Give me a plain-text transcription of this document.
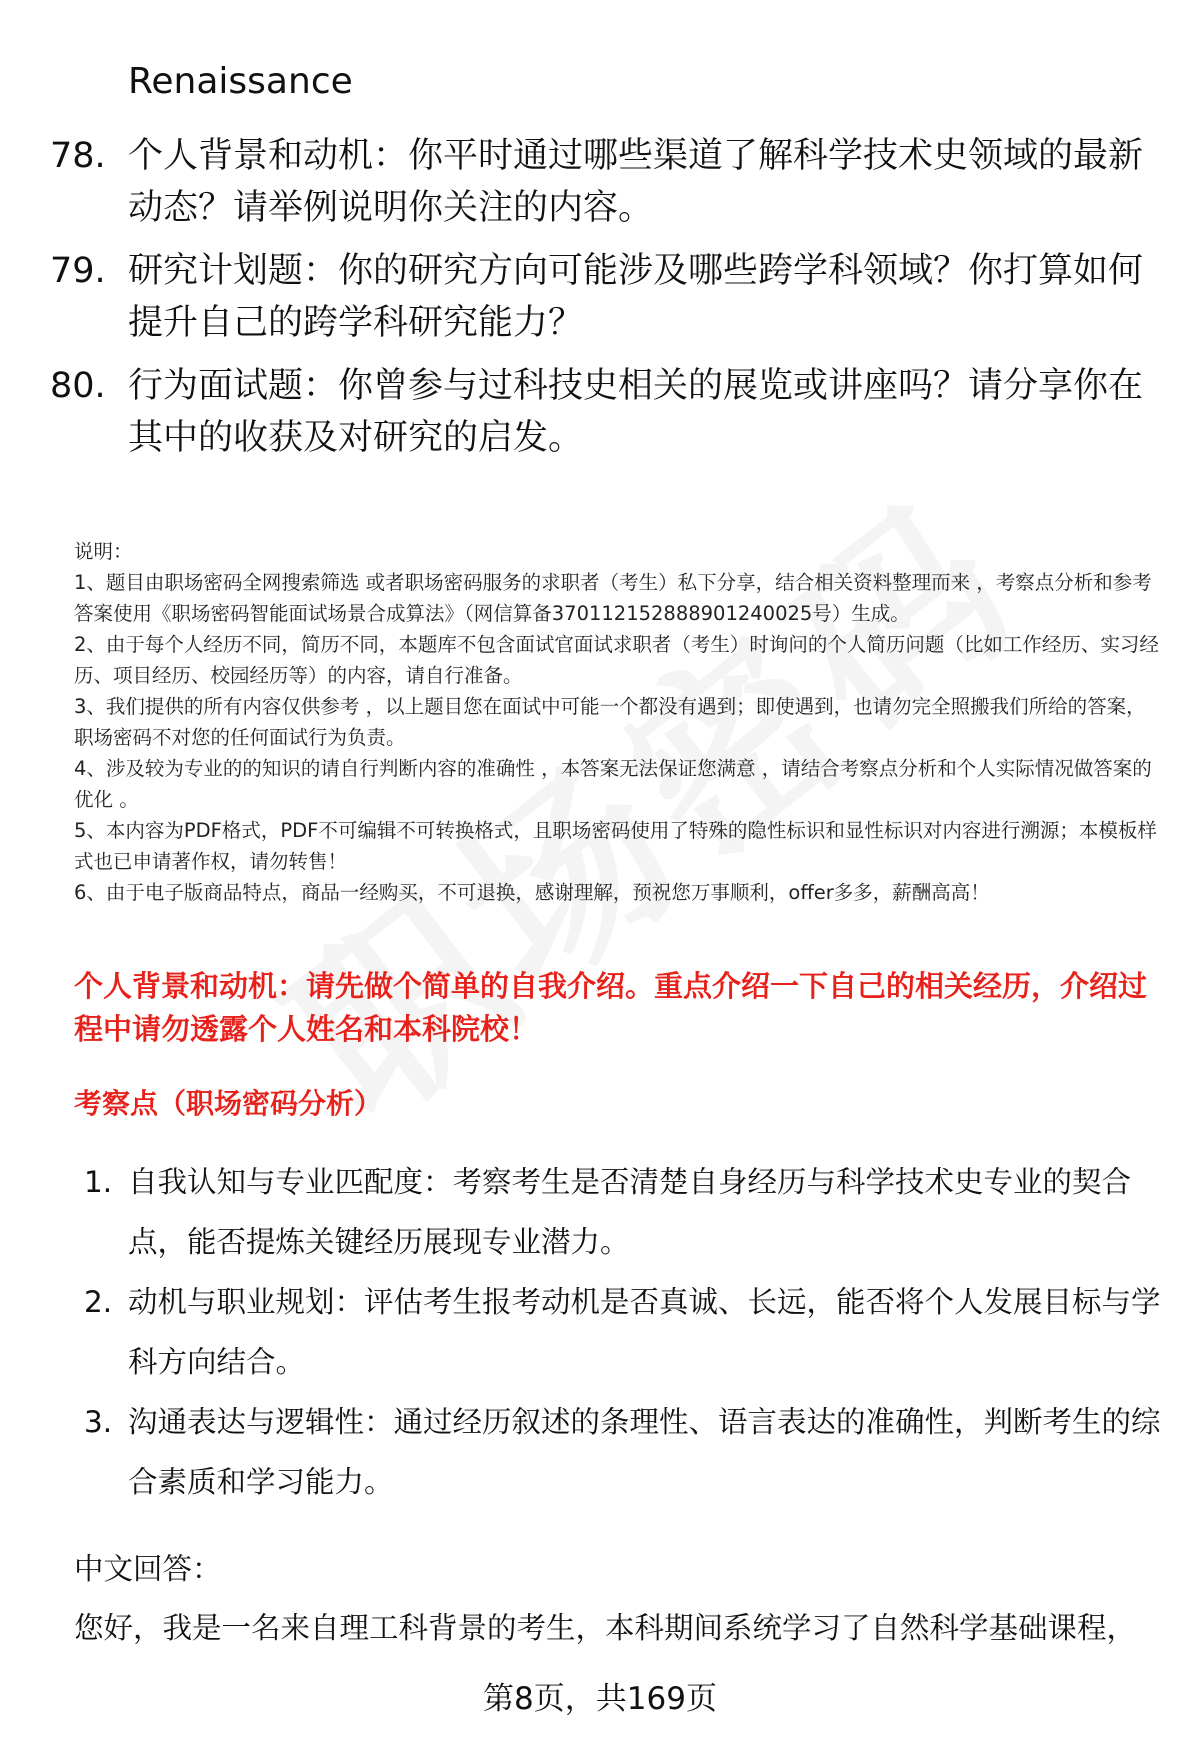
Renaissance
78. 个人背景和动机：你平时通过哪些渠道了解科学技术史领域的最新动态？请举例说明你关注的内容。
79. 研究计划题：你的研究方向可能涉及哪些跨学科领域？你打算如何提升自己的跨学科研究能力？
80. 行为面试题：你曾参与过科技史相关的展览或讲座吗？请分享你在其中的收获及对研究的启发。

说明：

1、题目由职场密码全网搜索筛选 或者职场密码服务的求职者（考生）私下分享，结合相关资料整理而来 ，考察点分析和参考答案使用《职场密码智能面试场景合成算法》（网信算备370112152888901240025号）生成。

2、由于每个人经历不同，简历不同，本题库不包含面试官面试求职者（考生）时询问的个人简历问题（比如工作经历、实习经历、项目经历、校园经历等）的内容，请自行准备。

3、我们提供的所有内容仅供参考 ，以上题目您在面试中可能一个都没有遇到；即使遇到，也请勿完全照搬我们所给的答案，职场密码不对您的任何面试行为负责。

4、涉及较为专业的的知识的请自行判断内容的准确性 ，本答案无法保证您满意 ，请结合考察点分析和个人实际情况做答案的优化 。

5、本内容为PDF格式，PDF不可编辑不可转换格式，且职场密码使用了特殊的隐性标识和显性标识对内容进行溯源；本模板样式也已申请著作权，请勿转售！

6、由于电子版商品特点，商品一经购买，不可退换，感谢理解，预祝您万事顺利，offer多多，薪酬高高！

个人背景和动机：请先做个简单的自我介绍。重点介绍一下自己的相关经历，介绍过程中请勿透露个人姓名和本科院校！
考察点（职场密码分析）
1. 自我认知与专业匹配度：考察考生是否清楚自身经历与科学技术史专业的契合点，能否提炼关键经历展现专业潜力。
2. 动机与职业规划：评估考生报考动机是否真诚、长远，能否将个人发展目标与学科方向结合。
3. 沟通表达与逻辑性：通过经历叙述的条理性、语言表达的准确性，判断考生的综合素质和学习能力。
中文回答：
您好，我是一名来自理工科背景的考生，本科期间系统学习了自然科学基础课程，
第8页，共169页
